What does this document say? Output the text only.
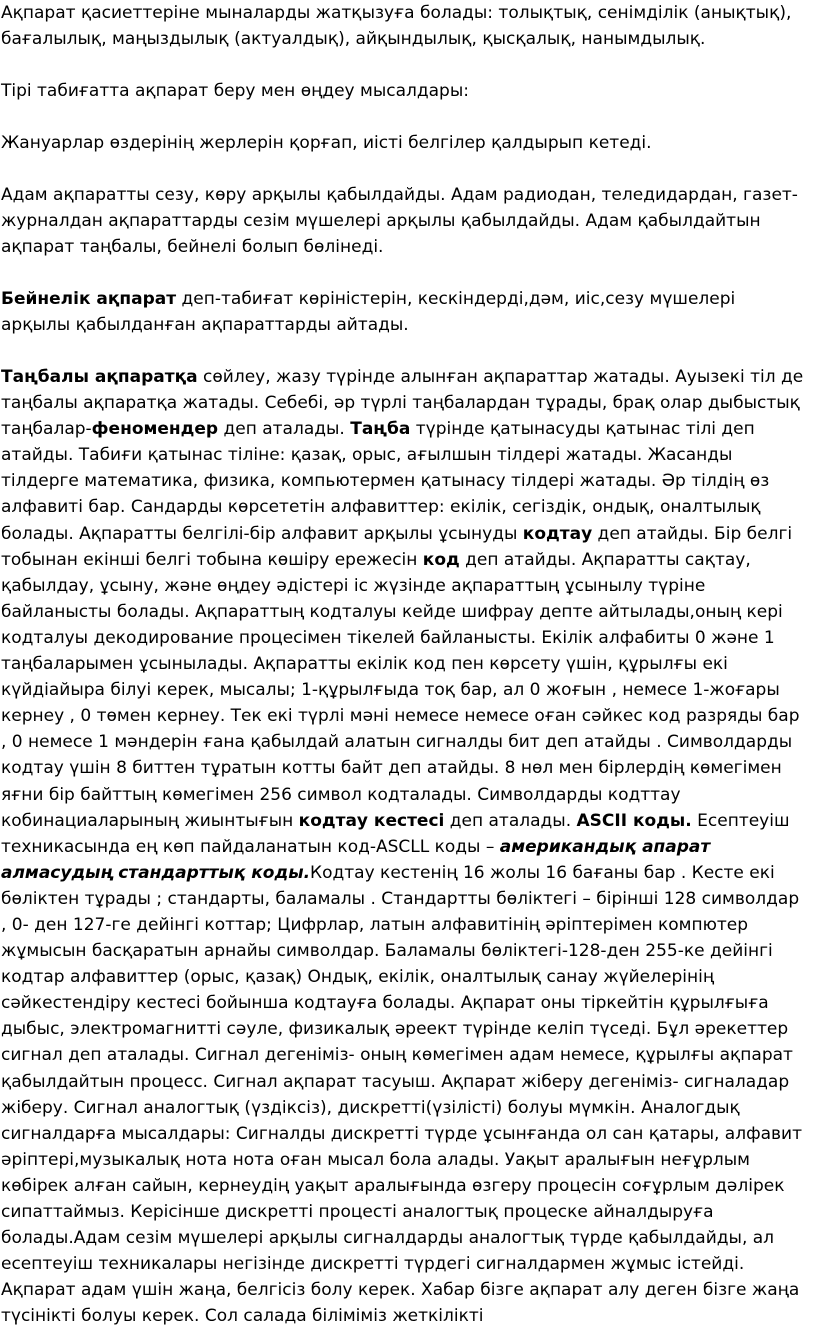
Ақпарат қасиеттеріне мыналарды жатқызуға болады: толықтық, сенімділік (анықтық), бағалылық, маңыздылық (актуалдық), айқындылық, қысқалық, нанымдылық.

Тірі табиғатта ақпарат беру мен өңдеу мысалдары:

Жануарлар өздерінің жерлерін қорғап, иісті белгілер қалдырып кетеді.

Адам ақпаратты сезу, көру арқылы қабылдайды. Адам радиодан, теледидардан, газет-журналдан ақпараттарды сезім мүшелері арқылы қабылдайды. Адам қабылдайтын ақпарат таңбалы, бейнелі болып бөлінеді.

Бейнелік ақпарат деп-табиғат көріністерін, кескіндерді,дәм, иіс,сезу мүшелері арқылы қабылданған ақпараттарды айтады.

Таңбалы ақпаратқа сөйлеу, жазу түрінде алынған ақпараттар жатады. Ауызекі тіл де таңбалы ақпаратқа жатады. Себебі, әр түрлі таңбалардан тұрады, брақ олар дыбыстық таңбалар-феномендер деп аталады. Таңба түрінде қатынасуды қатынас тілі деп атайды. Табиғи қатынас тіліне: қазақ, орыс, ағылшын тілдері жатады. Жасанды тілдерге математика, физика, компьютермен қатынасу тілдері жатады. Әр тілдің өз алфавиті бар. Сандарды көрсететін алфавиттер: екілік, сегіздік, ондық, оналтылық болады. Ақпаратты белгілі-бір алфавит арқылы ұсынуды кодтау деп атайды. Бір белгі тобынан екінші белгі тобына көшіру ережесін код деп атайды. Ақпаратты сақтау, қабылдау, ұсыну, және өңдеу әдістері іс жүзінде ақпараттың ұсынылу түріне байланысты болады. Ақпараттың кодталуы кейде шифрау депте айтылады,оның кері кодталуы декодирование процесімен тікелей байланысты. Екілік алфабиты 0 және 1 таңбаларымен ұсынылады. Ақпаратты екілік код пен көрсету үшін, құрылғы екі күйдіайыра білуі керек, мысалы; 1-құрылғыда тоқ бар, ал 0 жоғын , немесе 1-жоғары кернеу , 0 төмен кернеу. Тек екі түрлі мәні немесе немесе оған сәйкес код разряды бар , 0 немесе 1 мәндерін ғана қабылдай алатын сигналды бит деп атайды . Символдарды кодтау үшін 8 биттен тұратын котты байт деп атайды. 8 нөл мен бірлердің көмегімен яғни бір байттың көмегімен 256 символ кодталады. Символдарды кодттау кобинациаларының жиынтығын кодтау кестесі деп аталады. ASCII коды. Есептеуіш техникасында ең көп пайдаланатын код-ASCLL коды – американдық апарат алмасудың стандарттық коды.Кодтау кестенің 16 жолы 16 бағаны бар . Кесте екі бөліктен тұрады ; стандарты, баламалы . Стандартты бөліктегі – бірінші 128 символдар , 0- ден 127-ге дейінгі коттар; Цифрлар, латын алфавитінің әріптерімен компютер жұмысын басқаратын арнайы символдар. Баламалы бөліктегі-128-ден 255-ке дейінгі кодтар алфавиттер (орыс, қазақ) Ондық, екілік, оналтылық санау жүйелерінің сәйкестендіру кестесі бойынша кодтауға болады. Ақпарат оны тіркейтін құрылғыға дыбыс, электромагнитті сәуле, физикалық әреект түрінде келіп түседі. Бұл әрекеттер сигнал деп аталады. Сигнал дегеніміз- оның көмегімен адам немесе, құрылғы ақпарат қабылдайтын процесс. Сигнал ақпарат тасуыш. Ақпарат жіберу дегеніміз- сигналадар жіберу. Сигнал аналогтық (үздіксіз), дискретті(үзілісті) болуы мүмкін. Аналогдық сигналдарға мысалдары: Сигналды дискретті түрде ұсынғанда ол сан қатары, алфавит әріптері,музыкалық нота нота оған мысал бола алады. Уақыт аралығын неғұрлым көбірек алған сайын, кернеудің уақыт аралығында өзгеру процесін соғұрлым дәлірек сипаттаймыз. Керісінше дискретті процесті аналогтық процеске айналдыруға болады.Адам сезім мүшелері арқылы сигналдарды аналогтық түрде қабылдайды, ал есептеуіш техникалары негізінде дискретті түрдегі сигналдармен жұмыс істейді. Ақпарат адам үшін жаңа, белгісіз болу керек. Хабар бізге ақпарат алу деген бізге жаңа түсінікті болуы керек. Сол салада біліміміз жеткілікті
